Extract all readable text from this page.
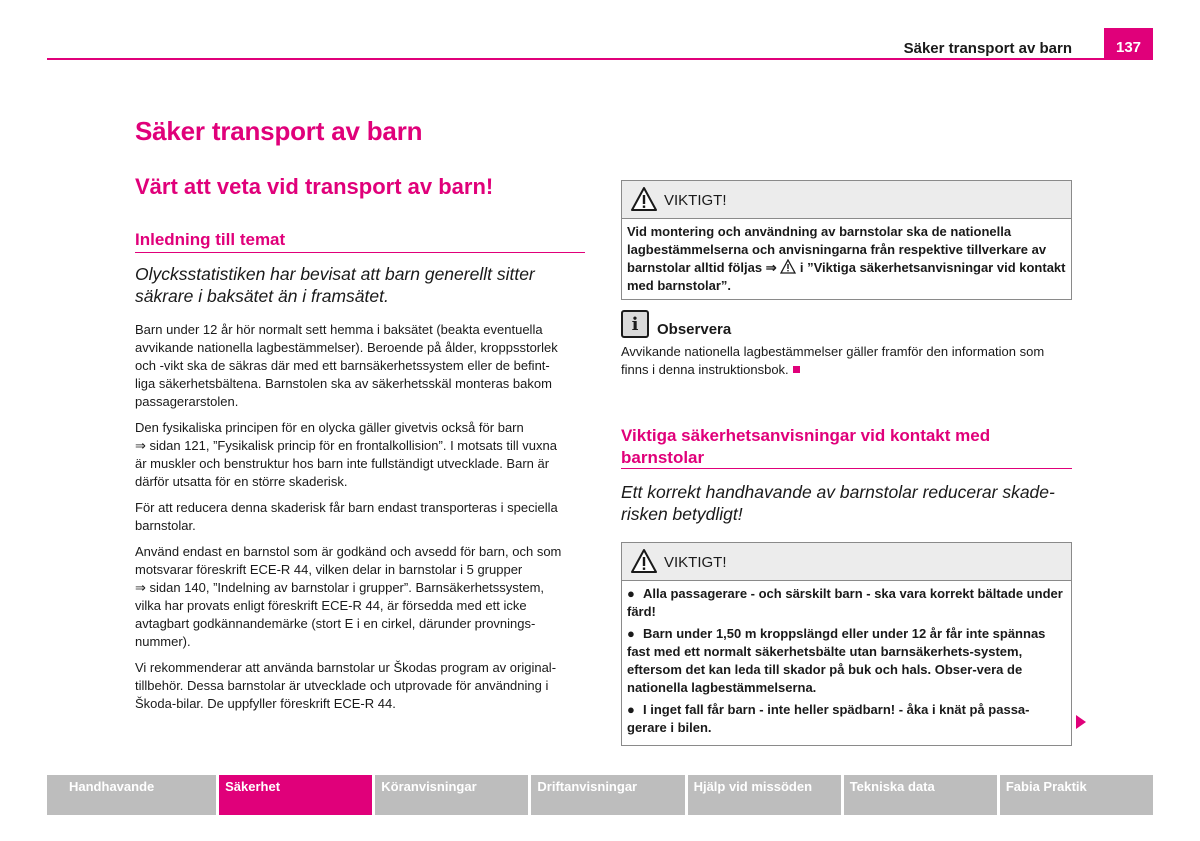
Säker transport av barn	137
Säker transport av barn
Värt att veta vid transport av barn!
Inledning till temat
Olycksstatistiken har bevisat att barn generellt sitter säkrare i baksätet än i framsätet.

Barn under 12 år hör normalt sett hemma i baksätet (beakta eventuella
avvikande nationella lagbestämmelser). Beroende på ålder, kroppsstorlek
och -vikt ska de säkras där med ett barnsäkerhetssystem eller de befint-
liga säkerhetsbältena. Barnstolen ska av säkerhetsskäl monteras bakom
passagerarstolen.

Den fysikaliska principen för en olycka gäller givetvis också för barn
⇒ sidan 121, ”Fysikalisk princip för en frontalkollision”. I motsats till vuxna
är muskler och benstruktur hos barn inte fullständigt utvecklade. Barn är
därför utsatta för en större skaderisk.

För att reducera denna skaderisk får barn endast transporteras i speciella
barnstolar.

Använd endast en barnstol som är godkänd och avsedd för barn, och som
motsvarar föreskrift ECE-R 44, vilken delar in barnstolar i 5 grupper
⇒ sidan 140, ”Indelning av barnstolar i grupper”. Barnsäkerhetssystem,
vilka har provats enligt föreskrift ECE-R 44, är försedda med ett icke
avtagbart godkännandemärke (stort E i en cirkel, därunder provnings-
nummer).

Vi rekommenderar att använda barnstolar ur Škodas program av original-
tillbehör. Dessa barnstolar är utvecklade och utprovade för användning i
Škoda-bilar. De uppfyller föreskrift ECE-R 44.

VIKTIGT!
Vid montering och användning av barnstolar ska de nationella lagbestämmelserna och anvisningarna från respektive tillverkare av barnstolar alltid följas ⇒ i ”Viktiga säkerhetsanvisningar vid kontakt med barnstolar”.
i	Observera
Avvikande nationella lagbestämmelser gäller framför den information som finns i denna instruktionsbok.
Viktiga säkerhetsanvisningar vid kontakt med barnstolar
Ett korrekt handhavande av barnstolar reducerar skade-risken betydligt!
VIKTIGT!
● Alla passagerare - och särskilt barn - ska vara korrekt bältade under färd!
● Barn under 1,50 m kroppslängd eller under 12 år får inte spännas fast med ett normalt säkerhetsbälte utan barnsäkerhets-system, eftersom det kan leda till skador på buk och hals. Obser-vera de nationella lagbestämmelserna.
● I inget fall får barn - inte heller spädbarn! - åka i knät på passa-gerare i bilen.
Handhavande	Säkerhet	Köranvisningar	Driftanvisningar	Hjälp vid missöden	Tekniska data	Fabia Praktik
